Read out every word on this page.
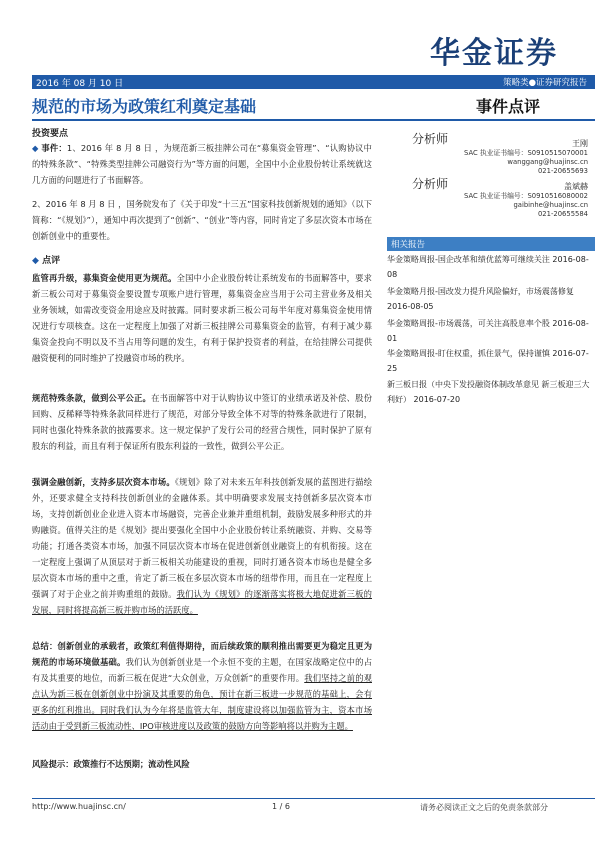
华金证券
2016 年 08 月 10 日	策略类●证券研究报告
规范的市场为政策红利奠定基础	事件点评
投资要点
◆ 事件：1、2016 年 8 月 8 日 ，为规范新三板挂牌公司在“募集资金管理”、“认购协议中的特殊条款”、“特殊类型挂牌公司融资行为”等方面的问题，全国中小企业股份转让系统就这几方面的问题进行了书面解答。
2、2016 年 8 月 8 日 ，国务院发布了《关于印发“十三五”国家科技创新规划的通知》（以下简称：“《规划》”），通知中再次提到了“创新”、“创业”等内容，同时肯定了多层次资本市场在创新创业中的重要性。
◆ 点评
监管再升级，募集资金使用更为规范。全国中小企业股份转让系统发布的书面解答中，要求新三板公司对于募集资金要设置专项账户进行管理，募集资金应当用于公司主营业务及相关业务领域，如需改变资金用途应及时披露。同时要求新三板公司每半年度对募集资金使用情况进行专项核查。这在一定程度上加强了对新三板挂牌公司募集资金的监管，有利于减少募集资金投向不明以及不当占用等问题的发生，有利于保护投资者的利益，在给挂牌公司提供融资便利的同时维护了投融资市场的秩序。
规范特殊条款，做到公平公正。在书面解答中对于认购协议中签订的业绩承诺及补偿、股份回购、反稀释等特殊条款同样进行了规范，对部分导致全体不对等的特殊条款进行了限制，同时也强化特殊条款的披露要求。这一规定保护了发行公司的经营合规性，同时保护了原有股东的利益，而且有利于保证所有股东利益的一致性，做到公平公正。
强调金融创新，支持多层次资本市场。《规划》除了对未来五年科技创新发展的蓝图进行描绘外，还要求健全支持科技创新创业的金融体系。其中明确要求发展支持创新多层次资本市场，支持创新创业企业进入资本市场融资，完善企业兼并重组机制，鼓励发展多种形式的并购融资。值得关注的是《规划》提出要强化全国中小企业股份转让系统融资、并购、交易等功能；打通各类资本市场，加强不同层次资本市场在促进创新创业融资上的有机衔接。这在一定程度上强调了从顶层对于新三板相关功能建设的重视，同时打通各资本市场也是健全多层次资本市场的重中之重，肯定了新三板在多层次资本市场的纽带作用，而且在一定程度上强调了对于企业之前并购重组的鼓励。我们认为《规划》的逐渐落实将极大地促进新三板的发展，同时将提高新三板并购市场的活跃度。
总结：创新创业的承载者，政策红利值得期待，而后续政策的顺利推出需要更为稳定且更为规范的市场环境做基础。我们认为创新创业是一个永恒不变的主题，在国家战略定位中的占有及其重要的地位，而新三板在促进“大众创业，万众创新”的重要作用。我们坚持之前的观点认为新三板在创新创业中扮演及其重要的角色，预计在新三板进一步规范的基础上，会有更多的红利推出。同时我们认为今年将是监管大年，制度建设将以加强监管为主，资本市场活动由于受到新三板流动性、IPO审核进度以及政策的鼓励方向等影响将以并购为主题。
风险提示：政策推行不达预期；流动性风险
分析师	王刚
SAC 执业证书编号：S0910515070001
wanggang@huajinsc.cn
021-20655693
分析师	盖斌赫
SAC 执业证书编号：S0910516080002
gaibinhe@huajinsc.cn
021-20655584
相关报告
华金策略周报-国企改革和绩优蓝筹可继续关注 2016-08-08
华金策略月报-国改发力提升风险偏好，市场震荡修复 2016-08-05
华金策略周报-市场震荡，可关注高股息率个股 2016-08-01
华金策略周报-盯住权重，抓住景气，保持谨慎 2016-07-25
新三板日报（中央下发投融资体制改革意见 新三板迎三大利好） 2016-07-20
http://www.huajinsc.cn/	1 / 6	请务必阅读正文之后的免责条款部分
